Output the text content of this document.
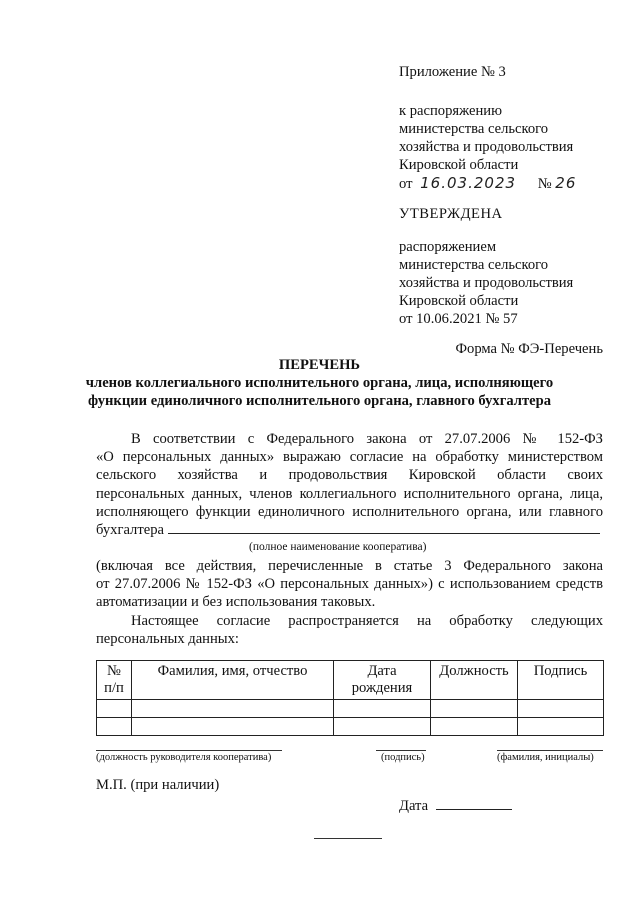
Приложение № 3
к распоряжению
министерства сельского
хозяйства и продовольствия
Кировской области
от 16.03.2023 № 26
УТВЕРЖДЕНА
распоряжением
министерства сельского
хозяйства и продовольствия
Кировской области
от 10.06.2021 № 57
Форма № ФЭ-Перечень
ПЕРЕЧЕНЬ
членов коллегиального исполнительного органа, лица, исполняющего
функции единоличного исполнительного органа, главного бухгалтера
В соответствии с Федерального закона от 27.07.2006 № 152-ФЗ
«О персональных данных» выражаю согласие на обработку министерством
сельского хозяйства и продовольствия Кировской области своих
персональных данных, членов коллегиального исполнительного органа, лица,
исполняющего функции единоличного исполнительного органа, или главного
бухгалтера
(полное наименование кооператива)
(включая все действия, перечисленные в статье 3 Федерального закона
от 27.07.2006 № 152-ФЗ «О персональных данных») с использованием средств
автоматизации и без использования таковых.
Настоящее согласие распространяется на обработку следующих
персональных данных:
№ п/п	Фамилия, имя, отчество	Дата рождения	Должность	Подпись

(должность руководителя кооператива)	(подпись)	(фамилия, инициалы)
М.П. (при наличии)
Дата
